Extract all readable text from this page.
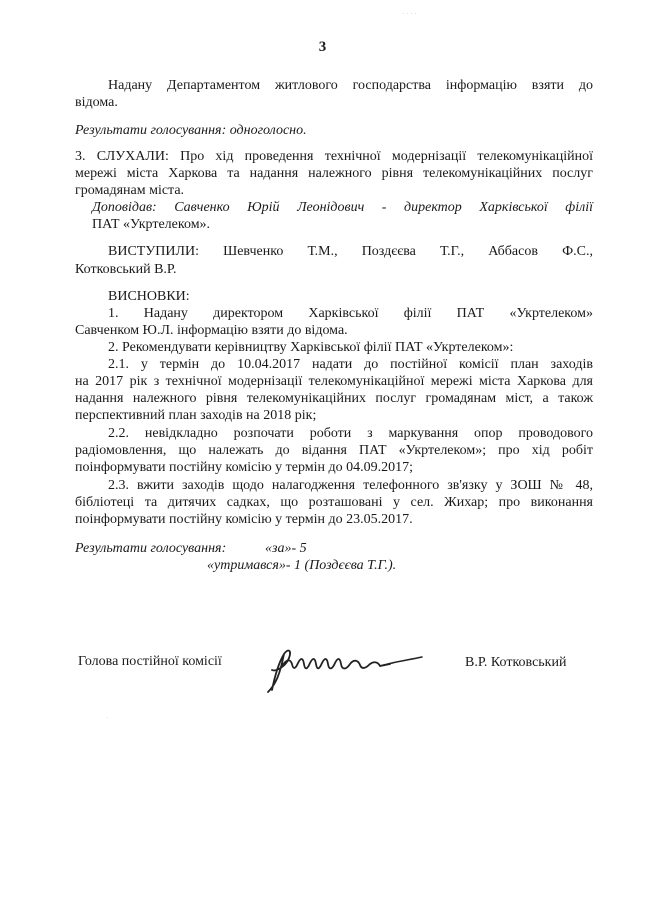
· · · ·
3
Надану Департаментом житлового господарства інформацію взяти до
відома.
Результати голосування: одноголосно.
3. СЛУХАЛИ: Про хід проведення технічної модернізації телекомунікаційної
мережі міста Харкова та надання належного рівня телекомунікаційних послуг
громадянам міста.
Доповідав: Савченко Юрій Леонідович - директор Харківської філії
ПАТ «Укртелеком».
ВИСТУПИЛИ: Шевченко Т.М., Поздєєва Т.Г., Аббасов Ф.С.,
Котковський В.Р.
ВИСНОВКИ:
1. Надану директором Харківської філії ПАТ «Укртелеком»
Савченком Ю.Л. інформацію взяти до відома.
2. Рекомендувати керівництву Харківської філії ПАТ «Укртелеком»:
2.1. у термін до 10.04.2017 надати до постійної комісії план заходів
на 2017 рік з технічної модернізації телекомунікаційної мережі міста Харкова для
надання належного рівня телекомунікаційних послуг громадянам міст, а також
перспективний план заходів на 2018 рік;
2.2. невідкладно розпочати роботи з маркування опор проводового
радіомовлення, що належать до відання ПАТ «Укртелеком»; про хід робіт
поінформувати постійну комісію у термін до 04.09.2017;
2.3. вжити заходів щодо налагодження телефонного зв'язку у ЗОШ № 48,
бібліотеці та дитячих садках, що розташовані у сел. Жихар; про виконання
поінформувати постійну комісію у термін до 23.05.2017.
Результати голосування:	«за»- 5
«утримався»- 1 (Поздєєва Т.Г.).
Голова постійної комісії	В.Р. Котковський
·
